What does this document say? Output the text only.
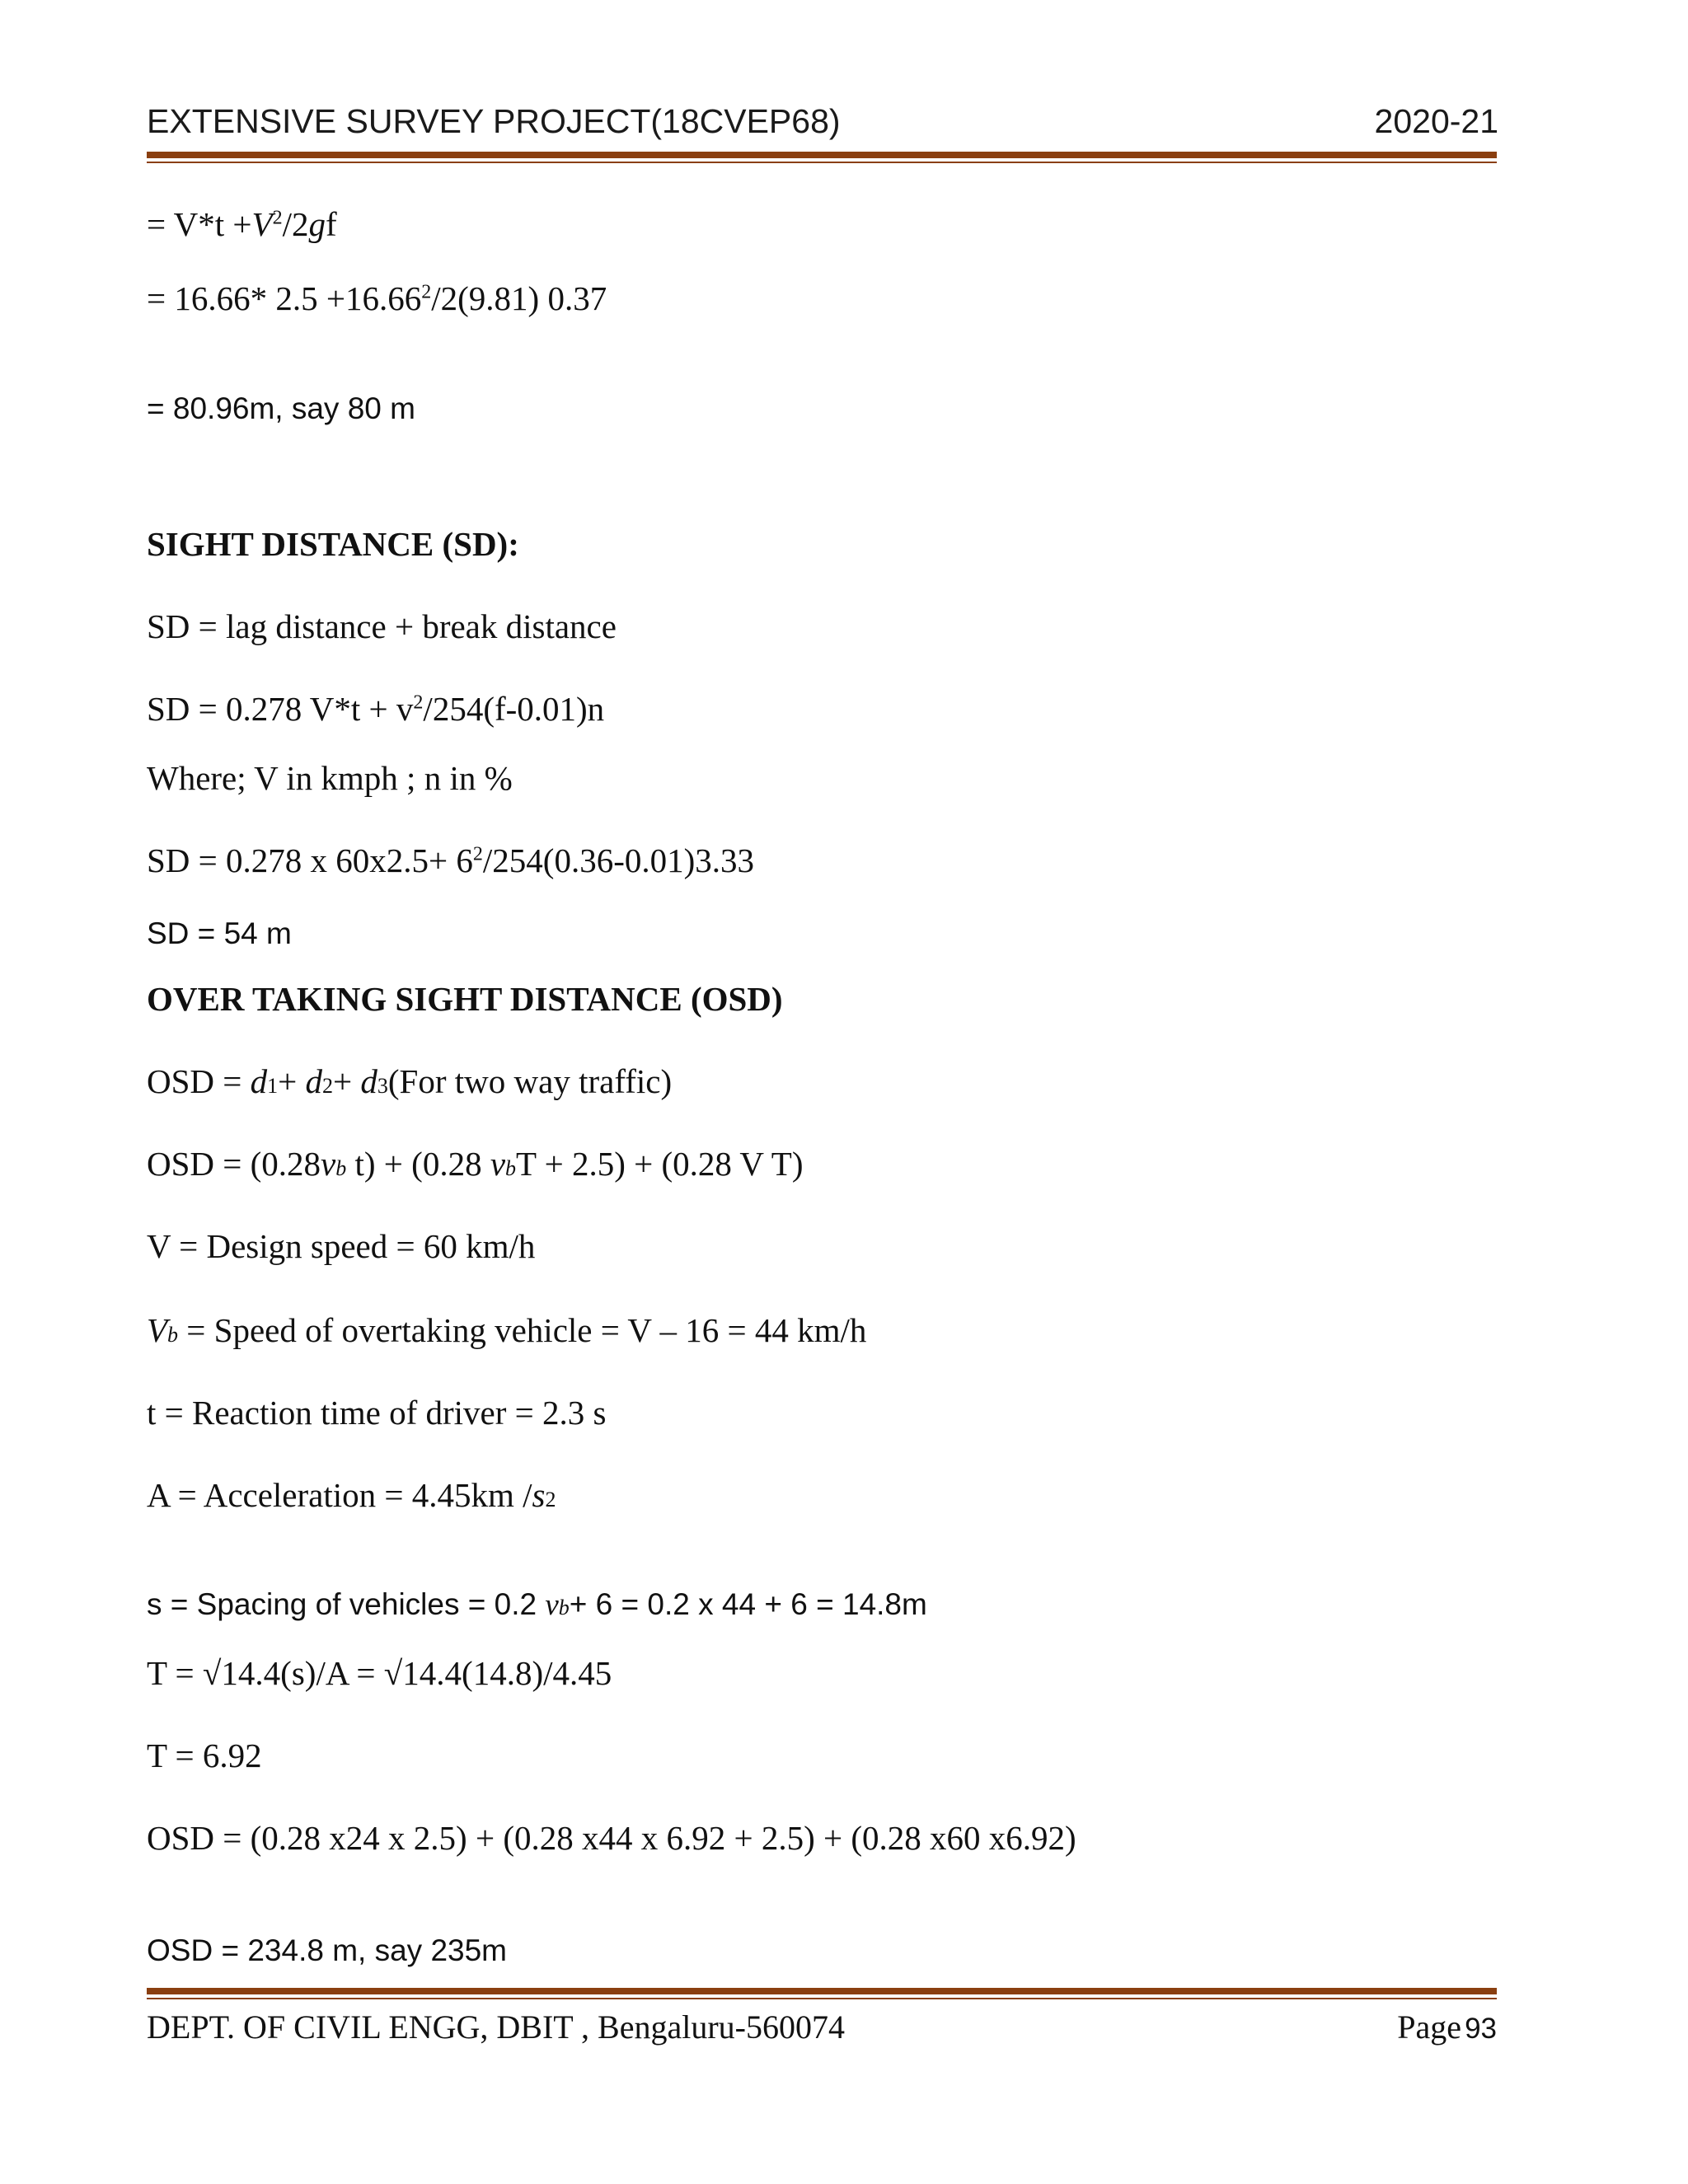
EXTENSIVE SURVEY PROJECT(18CVEP68)	2020-21
= $V*t +V^2/2gf$
= 16.66* $2.5 +16.66^2/2(9.81)$ 0.37
= 80.96m, say 80 m
SIGHT DISTANCE (SD):
SD = lag distance + break distance
SD = 0.278 $V*t + v^2/254(f-0.01)n$
Where; V in kmph ; n in %
SD = 0.278 x $60x2.5+ 6^2/254(0.36-0.01)3.33$
SD = 54 m
OVER TAKING SIGHT DISTANCE (OSD)
OSD = d1+ d2+ d3(For two way traffic)
OSD = (0.28vb t) + (0.28 vbT + 2.5) + (0.28 V T)
V = Design speed = 60 km/h
Vb = Speed of overtaking vehicle = V – 16 = 44 km/h
t = Reaction time of driver = 2.3 s
A = Acceleration = 4.45km /s2
s = Spacing of vehicles = 0.2 vb+ 6 = 0.2 x 44 + 6 = 14.8m
T = √14.4(s)/A = √14.4(14.8)/4.45
T = 6.92
OSD = (0.28 x24 x 2.5) + (0.28 x44 x 6.92 + 2.5) + (0.28 x60 x6.92)
OSD = 234.8 m, say 235m
DEPT. OF CIVIL ENGG, DBIT , Bengaluru-560074	Page 93
